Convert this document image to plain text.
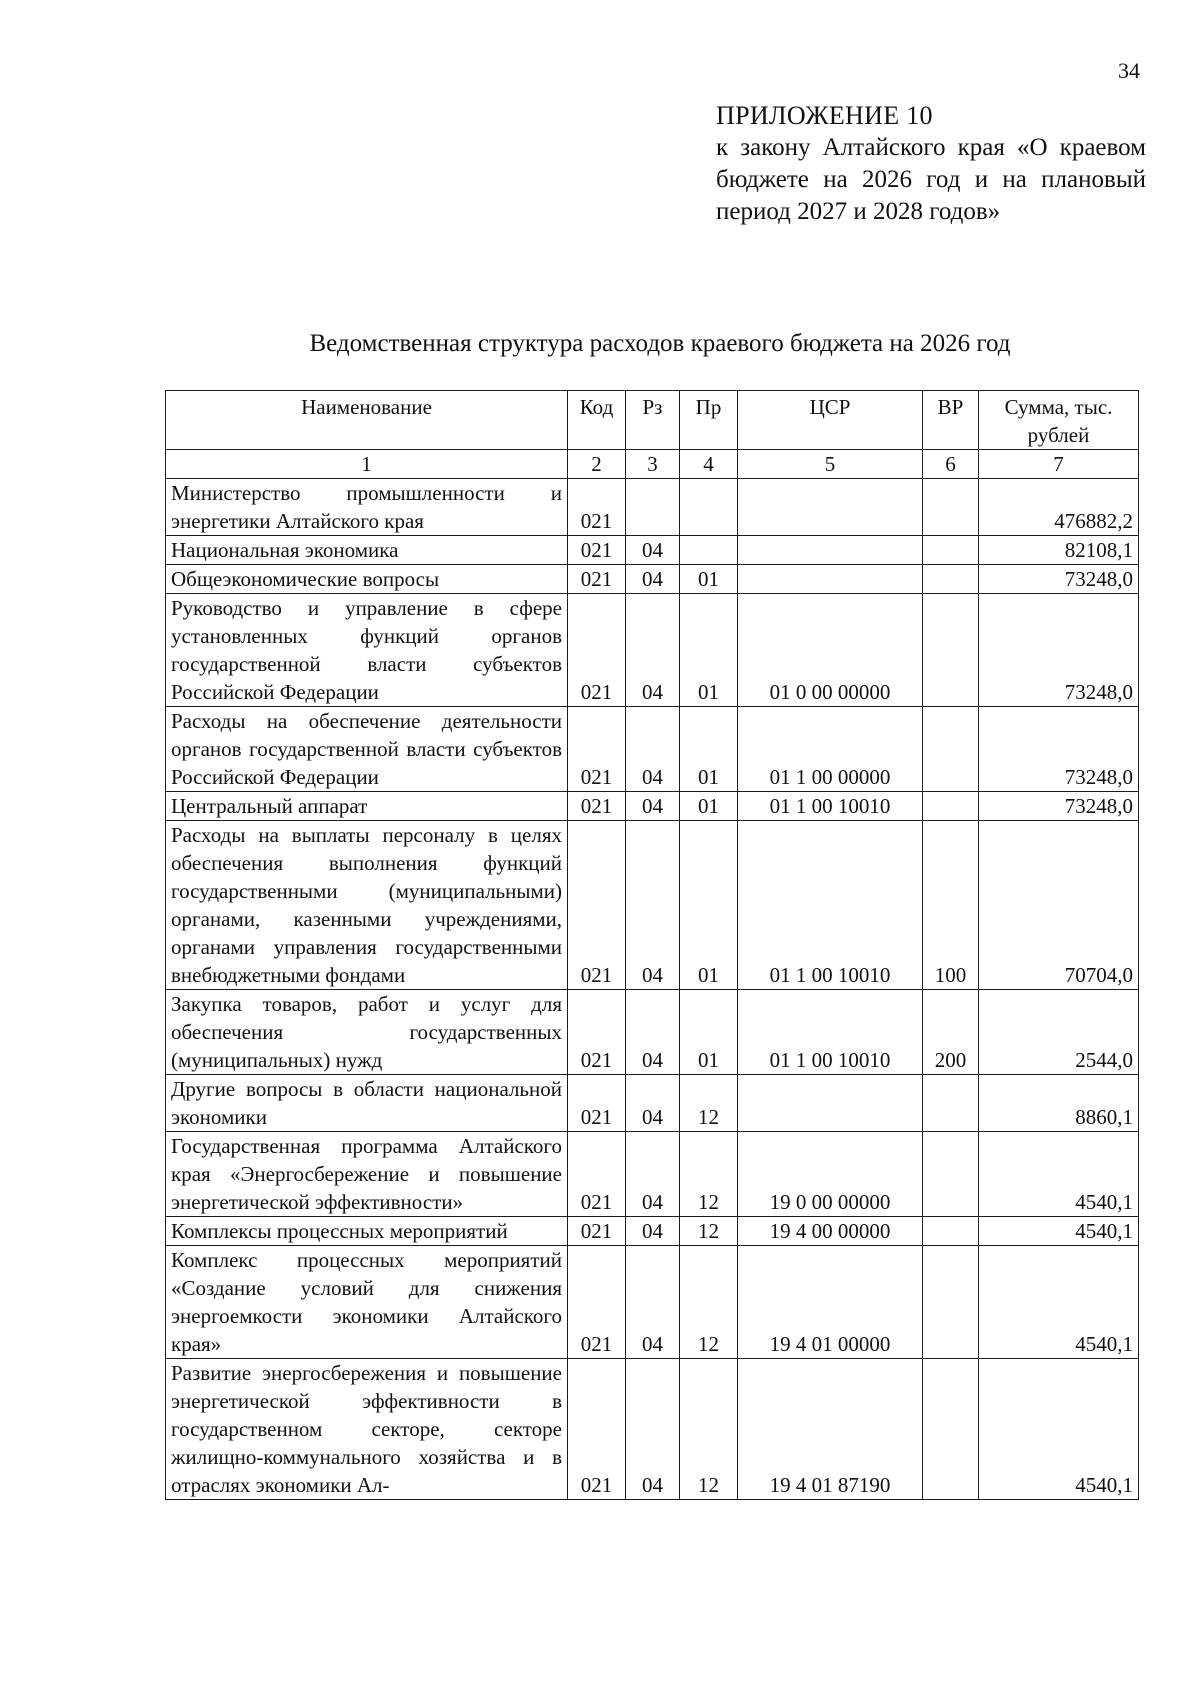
34
ПРИЛОЖЕНИЕ 10
к закону Алтайского края «О краевом бюджете на 2026 год и на плановый период 2027 и 2028 годов»
Ведомственная структура расходов краевого бюджета на 2026 год
Наименование	Код	Рз	Пр	ЦСР	ВР	Сумма, тыс. рублей
1	2	3	4	5	6	7
Министерство промышленности и энергетики Алтайского края	021					476882,2
Национальная экономика	021	04				82108,1
Общеэкономические вопросы	021	04	01			73248,0
Руководство и управление в сфере установленных функций органов государственной власти субъектов Российской Федерации	021	04	01	01 0 00 00000		73248,0
Расходы на обеспечение деятельности органов государственной власти субъектов Российской Федерации	021	04	01	01 1 00 00000		73248,0
Центральный аппарат	021	04	01	01 1 00 10010		73248,0
Расходы на выплаты персоналу в целях обеспечения выполнения функций государственными (муниципальными) органами, казенными учреждениями, органами управления государственными внебюджетными фондами	021	04	01	01 1 00 10010	100	70704,0
Закупка товаров, работ и услуг для обеспечения государственных (муниципальных) нужд	021	04	01	01 1 00 10010	200	2544,0
Другие вопросы в области национальной экономики	021	04	12			8860,1
Государственная программа Алтайского края «Энергосбережение и повышение энергетической эффективности»	021	04	12	19 0 00 00000		4540,1
Комплексы процессных мероприятий	021	04	12	19 4 00 00000		4540,1
Комплекс процессных мероприятий «Создание условий для снижения энергоемкости экономики Алтайского края»	021	04	12	19 4 01 00000		4540,1
Развитие энергосбережения и повышение энергетической эффективности в государственном секторе, секторе жилищно-коммунального хозяйства и в отраслях экономики Ал-	021	04	12	19 4 01 87190		4540,1
